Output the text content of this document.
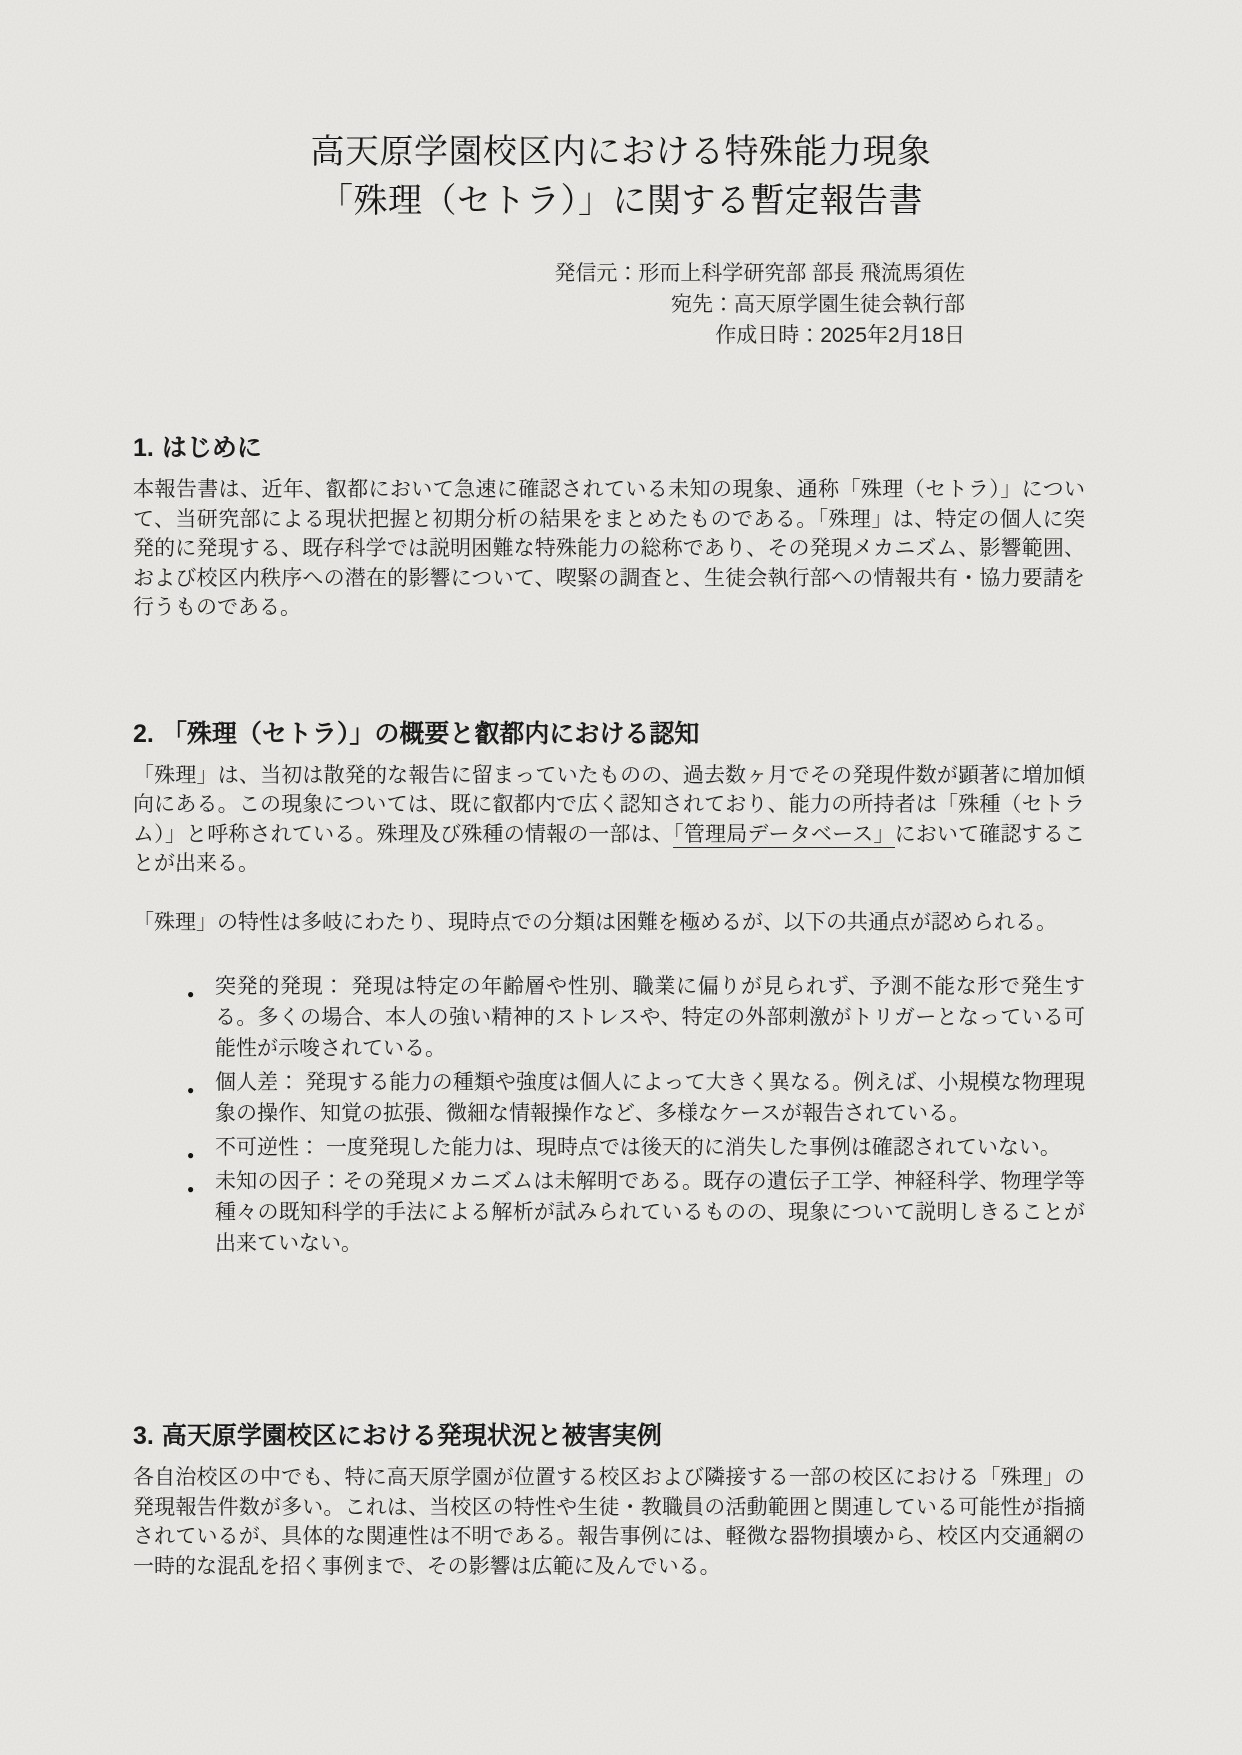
高天原学園校区内における特殊能力現象
「殊理（セトラ）」に関する暫定報告書
発信元：形而上科学研究部 部長 飛流馬須佐
宛先：高天原学園生徒会執行部
作成日時：2025年2月18日
1. はじめに

本報告書は、近年、叡都において急速に確認されている未知の現象、通称「殊理（セトラ）」について、当研究部による現状把握と初期分析の結果をまとめたものである。「殊理」は、特定の個人に突発的に発現する、既存科学では説明困難な特殊能力の総称であり、その発現メカニズム、影響範囲、および校区内秩序への潜在的影響について、喫緊の調査と、生徒会執行部への情報共有・協力要請を行うものである。

2. 「殊理（セトラ）」の概要と叡都内における認知

「殊理」は、当初は散発的な報告に留まっていたものの、過去数ヶ月でその発現件数が顕著に増加傾向にある。この現象については、既に叡都内で広く認知されており、能力の所持者は「殊種（セトラム）」と呼称されている。殊理及び殊種の情報の一部は、「管理局データベース」において確認することが出来る。

「殊理」の特性は多岐にわたり、現時点での分類は困難を極めるが、以下の共通点が認められる。

● 突発的発現： 発現は特定の年齢層や性別、職業に偏りが見られず、予測不能な形で発生する。多くの場合、本人の強い精神的ストレスや、特定の外部刺激がトリガーとなっている可能性が示唆されている。
● 個人差： 発現する能力の種類や強度は個人によって大きく異なる。例えば、小規模な物理現象の操作、知覚の拡張、微細な情報操作など、多様なケースが報告されている。
● 不可逆性： 一度発現した能力は、現時点では後天的に消失した事例は確認されていない。
● 未知の因子：その発現メカニズムは未解明である。既存の遺伝子工学、神経科学、物理学等種々の既知科学的手法による解析が試みられているものの、現象について説明しきることが出来ていない。
3. 高天原学園校区における発現状況と被害実例

各自治校区の中でも、特に高天原学園が位置する校区および隣接する一部の校区における「殊理」の発現報告件数が多い。これは、当校区の特性や生徒・教職員の活動範囲と関連している可能性が指摘されているが、具体的な関連性は不明である。報告事例には、軽微な器物損壊から、校区内交通網の一時的な混乱を招く事例まで、その影響は広範に及んでいる。
